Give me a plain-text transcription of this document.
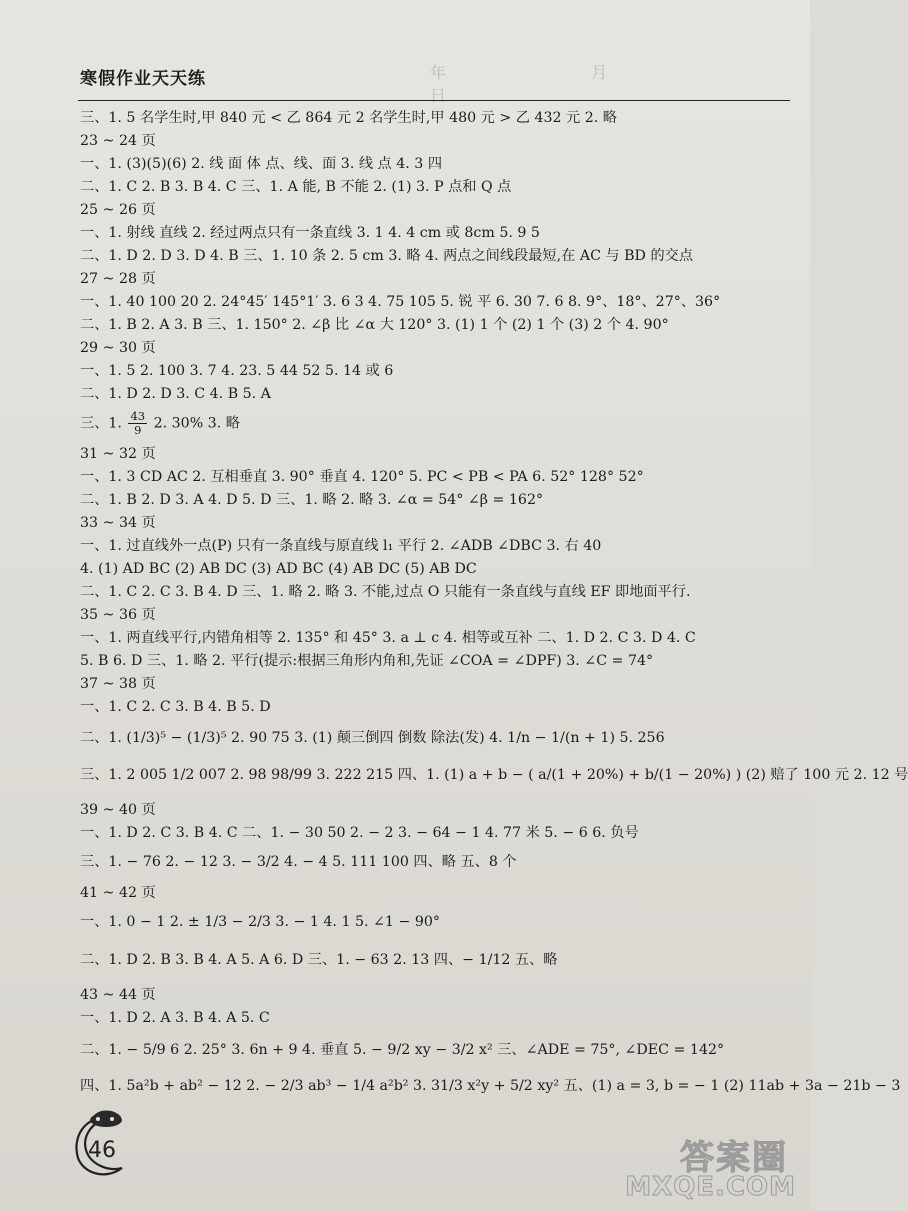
年 月 日
寒假作业天天练
三、1. 5 名学生时,甲 840 元 < 乙 864 元 2 名学生时,甲 480 元 > 乙 432 元 2. 略
23 ~ 24 页
一、1. (3)(5)(6) 2. 线 面 体 点、线、面 3. 线 点 4. 3 四
二、1. C 2. B 3. B 4. C 三、1. A 能, B 不能 2. (1) 3. P 点和 Q 点
25 ~ 26 页
一、1. 射线 直线 2. 经过两点只有一条直线 3. 1 4. 4 cm 或 8cm 5. 9 5
二、1. D 2. D 3. D 4. B 三、1. 10 条 2. 5 cm 3. 略 4. 两点之间线段最短,在 AC 与 BD 的交点
27 ~ 28 页
一、1. 40 100 20 2. 24°45′ 145°1′ 3. 6 3 4. 75 105 5. 锐 平 6. 30 7. 6 8. 9°、18°、27°、36°
二、1. B 2. A 3. B 三、1. 150° 2. ∠β 比 ∠α 大 120° 3. (1) 1 个 (2) 1 个 (3) 2 个 4. 90°
29 ~ 30 页
一、1. 5 2. 100 3. 7 4. 23. 5 44 52 5. 14 或 6
二、1. D 2. D 3. C 4. B 5. A
三、1. $\frac{43}{9} 2$. 30% 3. 略
31 ~ 32 页
一、1. 3 CD AC 2. 互相垂直 3. 90° 垂直 4. 120° 5. PC < PB < PA 6. 52° 128° 52°
二、1. B 2. D 3. A 4. D 5. D 三、1. 略 2. 略 3. ∠α = 54° ∠β = 162°
33 ~ 34 页
一、1. 过直线外一点(P) 只有一条直线与原直线 l₁ 平行 2. ∠ADB ∠DBC 3. 右 40
4. (1) AD BC (2) AB DC (3) AD BC (4) AB DC (5) AB DC
二、1. C 2. C 3. B 4. D 三、1. 略 2. 略 3. 不能,过点 O 只能有一条直线与直线 EF 即地面平行.
35 ~ 36 页
一、1. 两直线平行,内错角相等 2. 135° 和 45° 3. a ⊥ c 4. 相等或互补 二、1. D 2. C 3. D 4. C
5. B 6. D 三、1. 略 2. 平行(提示:根据三角形内角和,先证 ∠COA = ∠DPF) 3. ∠C = 74°
37 ~ 38 页
一、1. C 2. C 3. B 4. B 5. D
二、1. (1/3)⁵ − (1/3)⁵ 2. 90 75 3. (1) 颠三倒四 倒数 除法(发) 4. 1/n − 1/(n + 1) 5. 256
三、1. 2 005 1/2 007 2. 98 98/99 3. 222 215 四、1. (1) a + b − ( a/(1 + 20%) + b/(1 − 20%) ) (2) 赔了 100 元 2. 12 号
39 ~ 40 页
一、1. D 2. C 3. B 4. C 二、1. − 30 50 2. − 2 3. − 64 − 1 4. 77 米 5. − 6 6. 负号
三、1. − 76 2. − 12 3. − 3/2 4. − 4 5. 111 100 四、略 五、8 个
41 ~ 42 页
一、1. 0 − 1 2. ± 1/3 − 2/3 3. − 1 4. 1 5. ∠1 − 90°
二、1. D 2. B 3. B 4. A 5. A 6. D 三、1. − 63 2. 13 四、− 1/12 五、略
43 ~ 44 页
一、1. D 2. A 3. B 4. A 5. C
二、1. − 5/9 6 2. 25° 3. 6n + 9 4. 垂直 5. − 9/2 xy − 3/2 x² 三、∠ADE = 75°, ∠DEC = 142°
四、1. 5a²b + ab² − 12 2. − 2/3 ab³ − 1/4 a²b² 3. 31/3 x²y + 5/2 xy² 五、(1) a = 3, b = − 1 (2) 11ab + 3a − 21b − 3
46	答案圈
MXQE.COM
